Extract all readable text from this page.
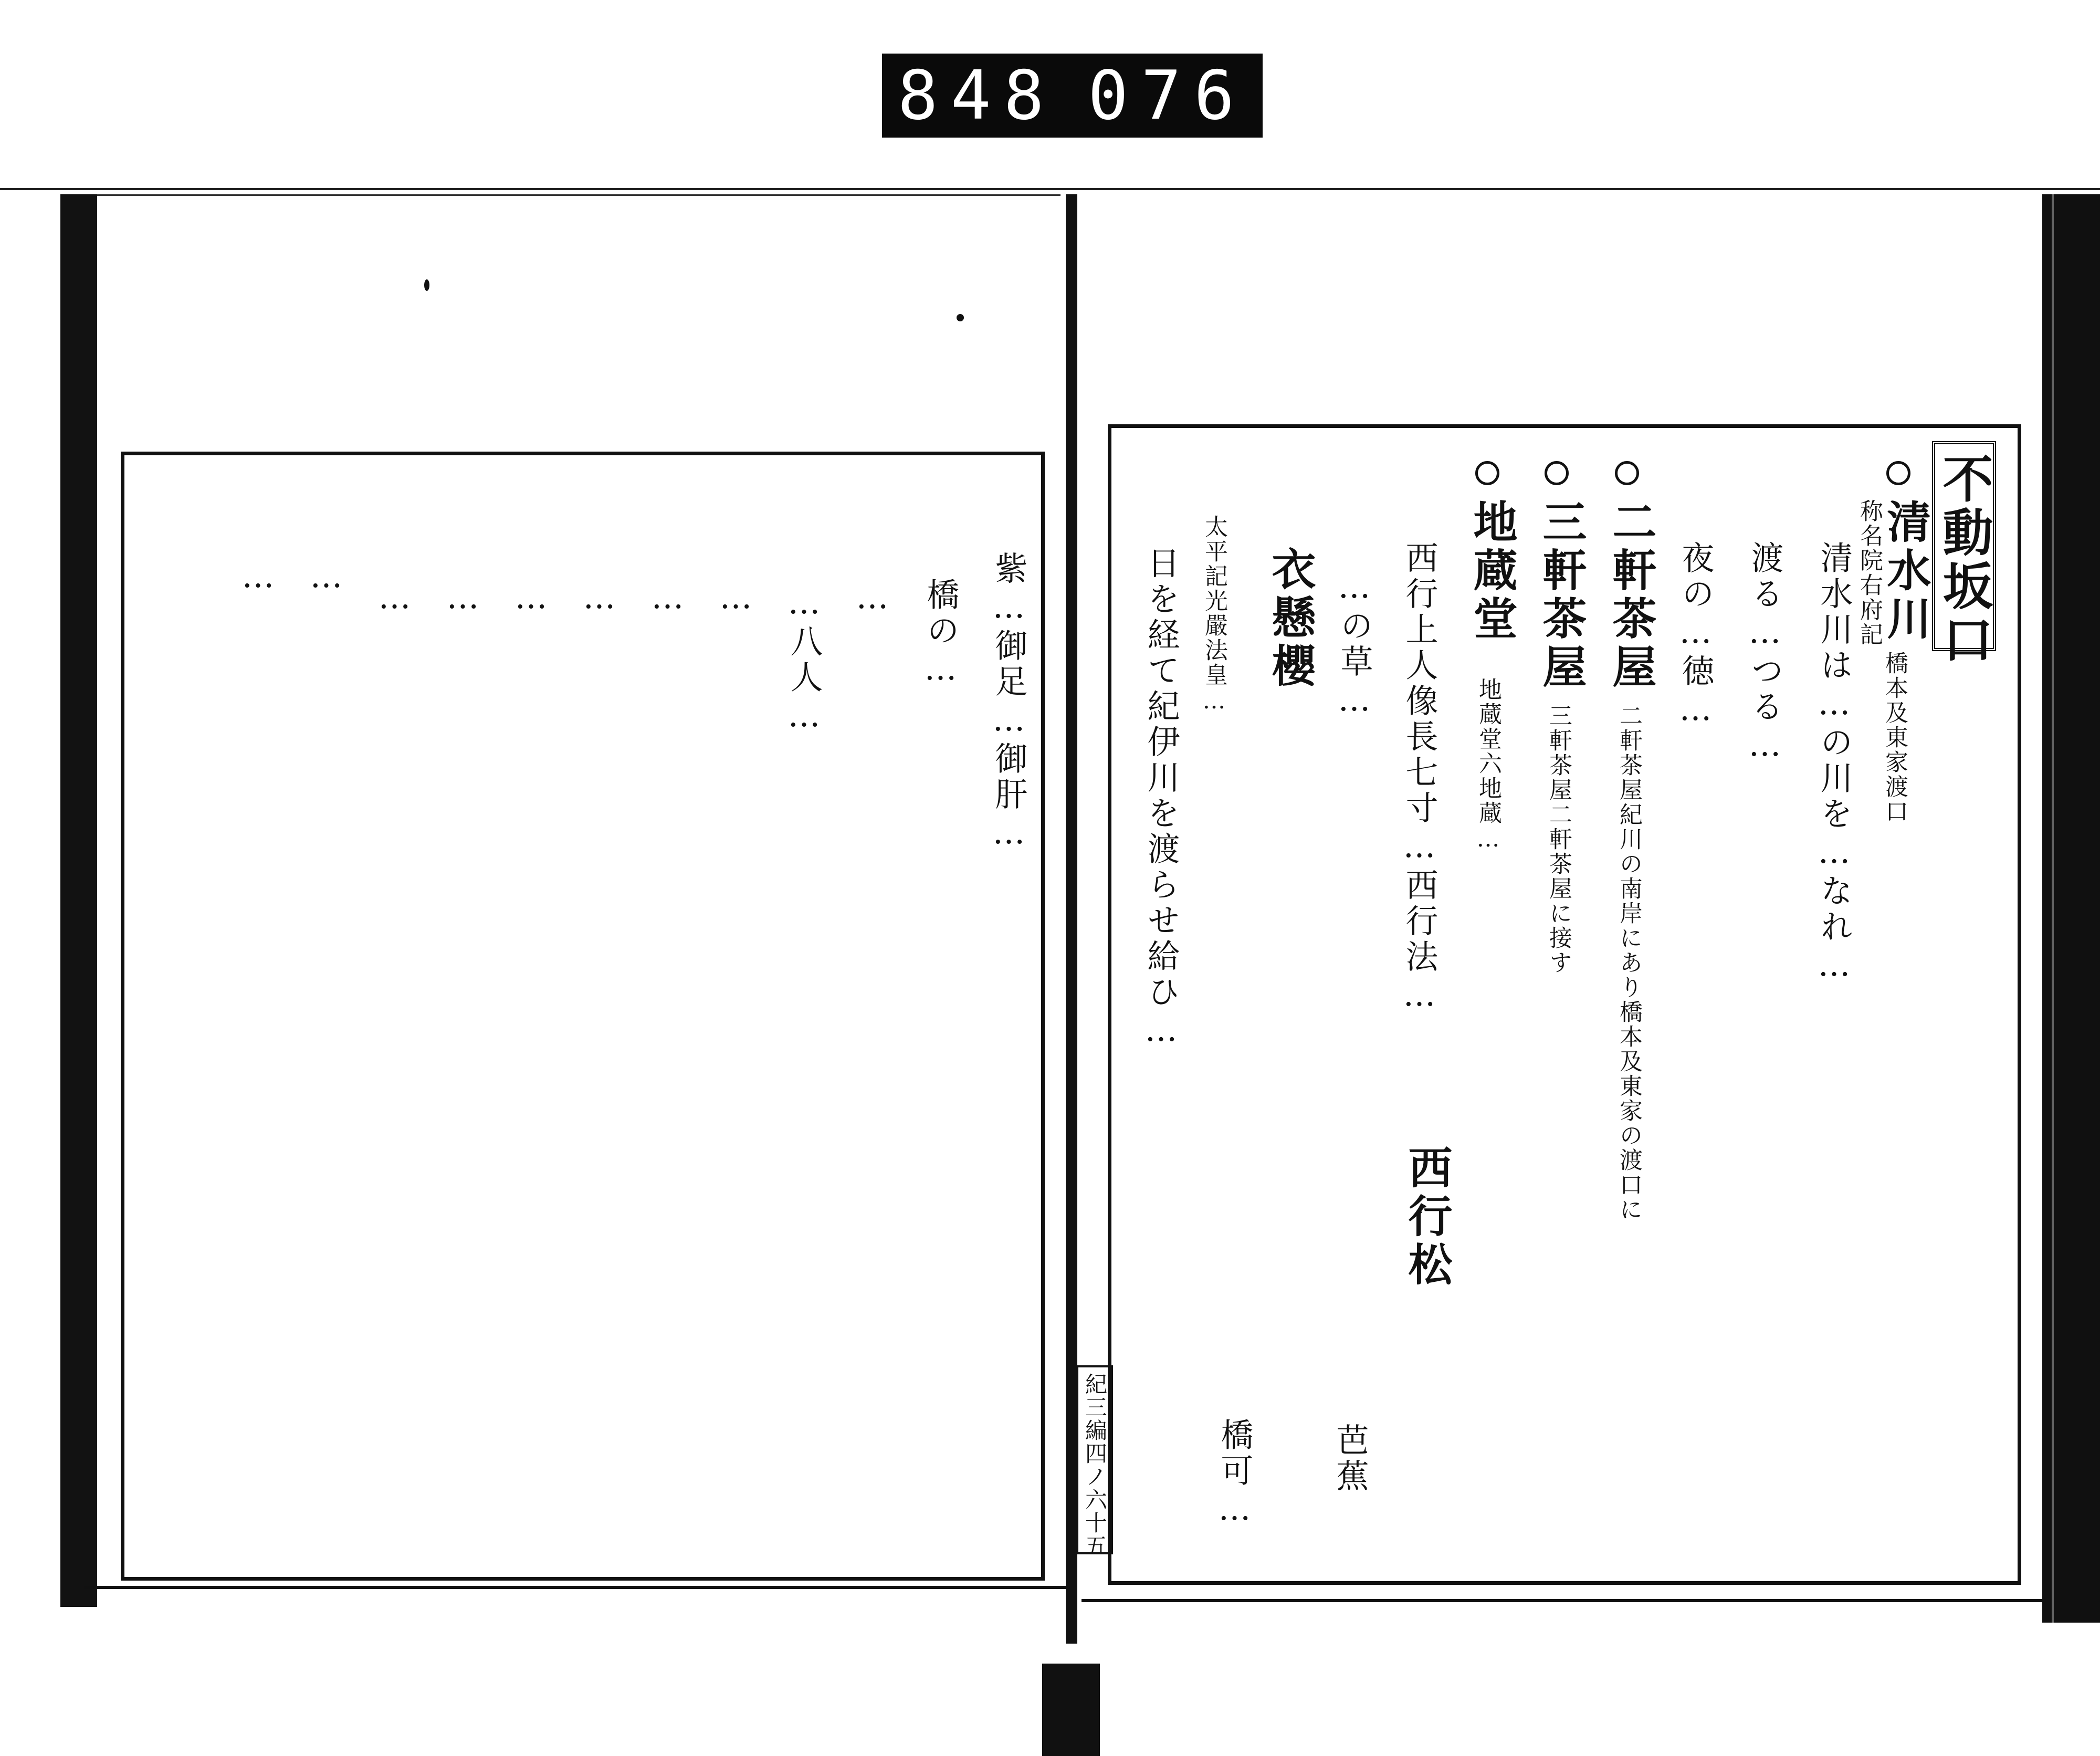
848 076
不動坂口
清水川
称名院右府記
橋本及東家渡口
清水川は…の川を…なれ…
渡る…つる…
夜の…徳…
二軒茶屋
二軒茶屋紀川の南岸にあり橋本及東家の渡口に
三軒茶屋
三軒茶屋二軒茶屋に接す
地蔵堂
地蔵堂六地蔵…
西行上人像長七寸…西行法…
西行松
…の草…
衣懸櫻
太平記光嚴法皇…
日を経て紀伊川を渡らせ給ひ…
芭蕉
橋可…
紀三編四ノ六十五
紫…御足…御肝…
橋の…
…
…八人…
…
…
…
…
…
…
…
…
